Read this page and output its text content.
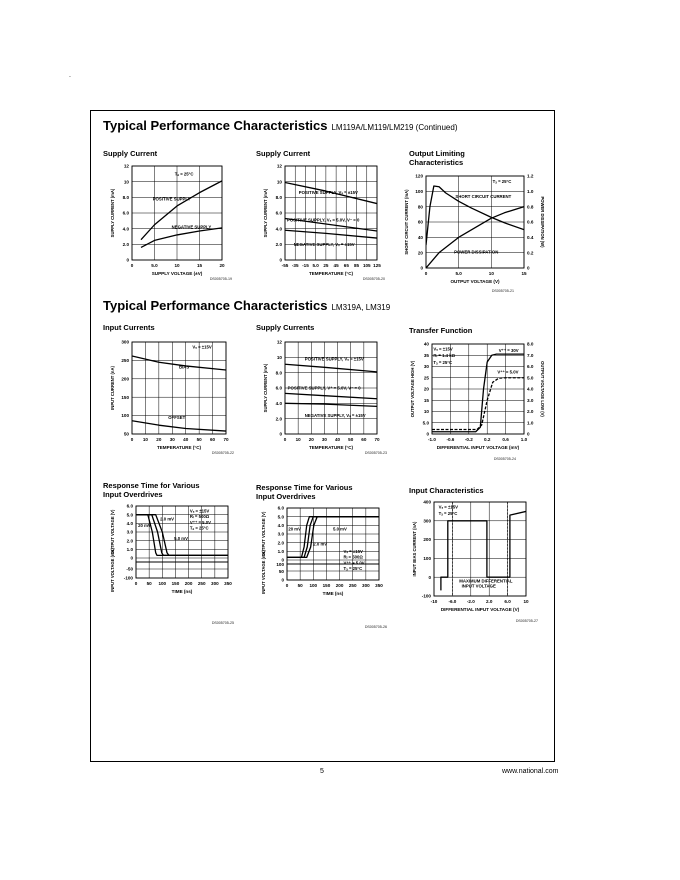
.
Typical Performance Characteristics LM119A/LM119/LM219 (Continued)
Typical Performance Characteristics LM319A, LM319
Supply Current	Supply Current	Output Limiting
Characteristics
Input Currents	Supply Currents	Transfer Function
Response Time for Various
Input Overdrives
Response Time for Various
Input Overdrives
Input Characteristics
0	5.0	10	15	20
0
2.0
4.0
6.0
8.0
10
12
SUPPLY VOLTAGE (±V)
SUPPLY CURRENT (mA)
Tₐ = 25°C
POSITIVE SUPPLY
NEGATIVE SUPPLY
DS005705-19
-55 -35 -15 5.0 25 45 65 85 105 125
0
2.0
4.0
6.0
8.0
10
12
TEMPERATURE (°C)
SUPPLY CURRENT (mA)	POSITIVE SUPPLY, Vₛ = ±15V
POSITIVE SUPPLY, Vₛ = 5.0V, V⁻ = 0
NEGATIVE SUPPLY, Vₛ = ±15V
DS005705-20
0	5.0	10	15
0
20
40
60
80
100
120
0
0.2
0.4
0.6
0.8
1.0
1.2
POWER DISSIPATION (W)
OUTPUT VOLTAGE (V)
SHORT CIRCUIT CURRENT (mA)
Tₐ = 25°C
SHORT CIRCUIT CURRENT
POWER DISSIPATION
DS005705-21
0 10 20 30 40 50 60 70
50
100
150
200
250
300
TEMPERATURE (°C)
INPUT CURRENT (nA)
Vₛ = ±15V
BIAS
OFFSET
DS005705-22
0 10 20 30 40 50 60 70
0
2.0
4.0
6.0
8.0
10
12
TEMPERATURE (°C)
SUPPLY CURRENT (mA)
POSITIVE SUPPLY, Vₛ = ±15V
POSITIVE SUPPLY, V⁺ = 5.0V, V⁻ = 0
NEGATIVE SUPPLY, Vₛ = ±15V
DS005705-23
-1.0 -0.6 -0.2 0.2	0.6	1.0
0
5.0
10
15
20
25
30
35
40
0
1.0
2.0
3.0
4.0
5.0
6.0
7.0
8.0
OUTPUT VOLTAGE LOW (V)
DIFFERENTIAL INPUT VOLTAGE (mV)
OUTPUT VOLTAGE HIGH (V)
Vₛ = ±15V
Rₗ = 1.4 kΩ
Tₐ = 25°C
V⁺⁺ = 30V
V⁺⁺ = 5.0V
DS005705-24
0 50 100 150 200 250 300 350
6.0
5.0
4.0
3.0
2.0
1.0
0
-50
-100
TIME (ns)
OUTPUT VOLTAGE (V)
INPUT VOLTAGE (mV)
Vₛ = ±15V
Rₗ = 500Ω
V⁺⁺ = 5.0V
Tₐ = 25°C
20 mV
2.0 mV
5.0 mV
DS005705-25
0 50 100 150 200 250 300 350
6.0
5.0
4.0
3.0
2.0
1.0
0
100
50
0
TIME (ns)
OUTPUT VOLTAGE (V)
INPUT VOLTAGE (mV)
20 mV	5.0 mV
2.0 mV
Vₛ = ±15V
Rₗ = 500Ω
V⁺⁺ = 5.0V
Tₐ = 25°C
DS005705-26
-10 -6.0 -2.0 2.0	6.0	10
-100
0
100
200
300
400
DIFFERENTIAL INPUT VOLTAGE (V)
INPUT BIAS CURRENT (nA)
Vₛ = ±15V
Tₐ = 25°C
MAXIMUM DIFFERENTIAL
INPUT VOLTAGE
DS005705-27
5	www.national.com
